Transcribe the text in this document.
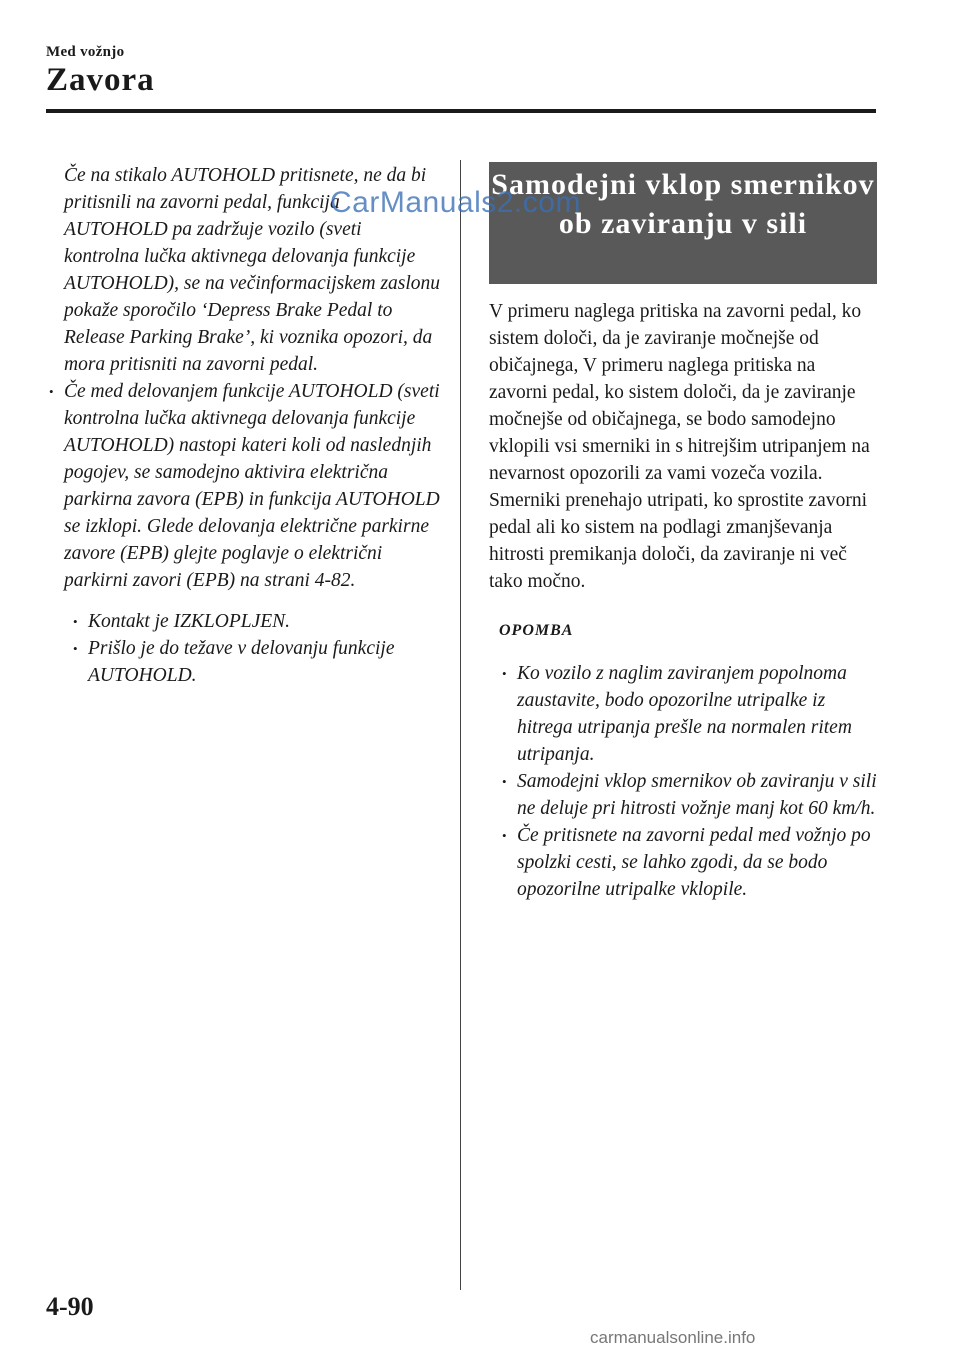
Med vožnjo
Zavora

Če na stikalo AUTOHOLD pritisnete, ne da bi pritisnili na zavorni pedal, funkcija AUTOHOLD pa zadržuje vozilo (sveti kontrolna lučka aktivnega delovanja funkcije AUTOHOLD), se na večinformacijskem zaslonu pokaže sporočilo ‘Depress Brake Pedal to Release Parking Brake’, ki voznika opozori, da mora pritisniti na zavorni pedal.

• Če med delovanjem funkcije AUTOHOLD (sveti kontrolna lučka aktivnega delovanja funkcije AUTOHOLD) nastopi kateri koli od naslednjih pogojev, se samodejno aktivira električna parkirna zavora (EPB) in funkcija AUTOHOLD se izklopi. Glede delovanja električne parkirne zavore (EPB) glejte poglavje o električni parkirni zavori (EPB) na strani 4-82.

• Kontakt je IZKLOPLJEN.

• Prišlo je do težave v delovanju funkcije AUTOHOLD.

Samodejni vklop smernikov ob zaviranju v sili

V primeru naglega pritiska na zavorni pedal, ko sistem določi, da je zaviranje močnejše od običajnega, V primeru naglega pritiska na zavorni pedal, ko sistem določi, da je zaviranje močnejše od običajnega, se bodo samodejno vklopili vsi smerniki in s hitrejšim utripanjem na nevarnost opozorili za vami vozeča vozila. Smerniki prenehajo utripati, ko sprostite zavorni pedal ali ko sistem na podlagi zmanjševanja hitrosti premikanja določi, da zaviranje ni več tako močno.

OPOMBA

• Ko vozilo z naglim zaviranjem popolnoma zaustavite, bodo opozorilne utripalke iz hitrega utripanja prešle na normalen ritem utripanja.

• Samodejni vklop smernikov ob zaviranju v sili ne deluje pri hitrosti vožnje manj kot 60 km/h.

• Če pritisnete na zavorni pedal med vožnjo po spolzki cesti, se lahko zgodi, da se bodo opozorilne utripalke vklopile.

CarManuals2.com
4-90
carmanualsonline.info
